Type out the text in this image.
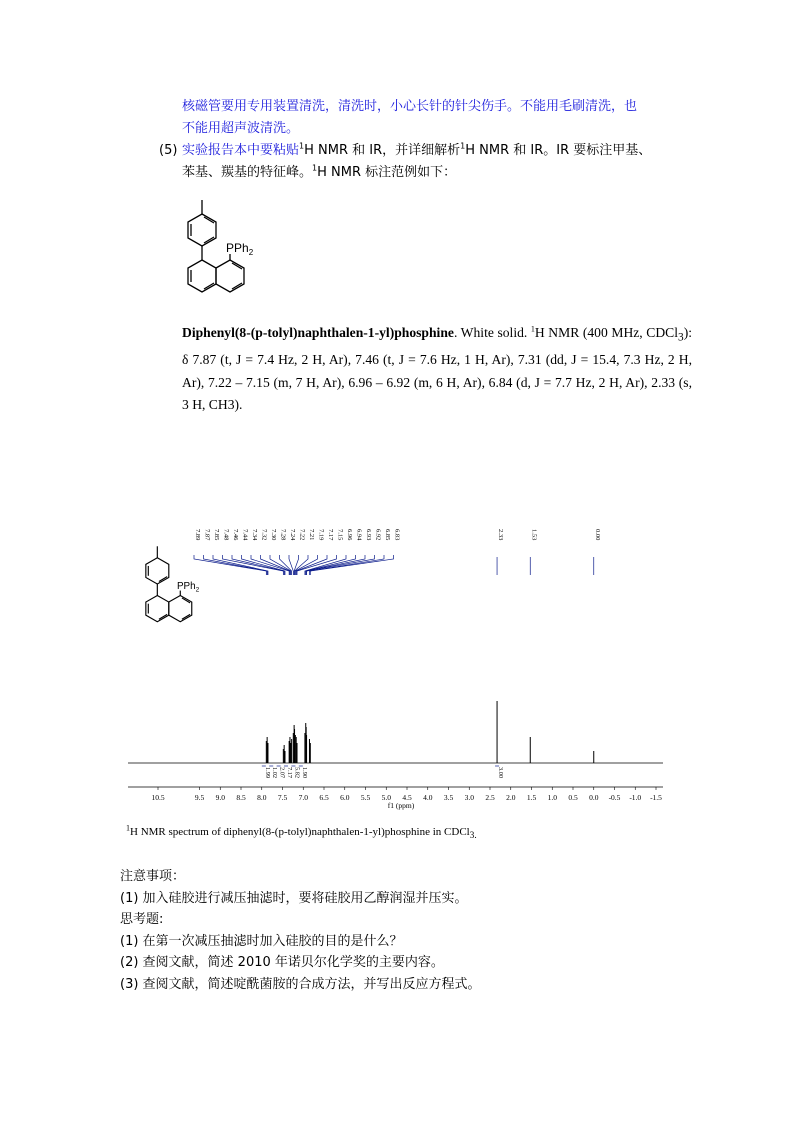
核磁管要用专用装置清洗，清洗时，小心长针的针尖伤手。不能用毛刷清洗，也
不能用超声波清洗。
(5) 实验报告本中要粘贴$^1$H NMR 和 IR，并详细解析$^1$H NMR 和 IR。IR 要标注甲基、
苯基、羰基的特征峰。$^1$H NMR 标注范例如下：
PPh$_2$
Diphenyl(8-(p-tolyl)naphthalen-1-yl)phosphine. White solid. $^1$H NMR (400 MHz, CDCl$_3$): δ 7.87 (t, J = 7.4 Hz, 2 H, Ar), 7.46 (t, J = 7.6 Hz, 1 H, Ar), 7.31 (dd, J = 15.4, 7.3 Hz, 2 H, Ar), 7.22 – 7.15 (m, 7 H, Ar), 6.96 – 6.92 (m, 6 H, Ar), 6.84 (d, J = 7.7 Hz, 2 H, Ar), 2.33 (s, 3 H, CH3).
PPh$_2$
7.89 7.87 7.85 7.48 7.46 7.44 7.34 7.32 7.30 7.28 7.24 7.22 7.21 7.19 7.17 7.15 6.96 6.94 6.93 6.92 6.85 6.83	2.33	1.53	0.00
1.99 1.02 2.07 7.17 5.82 1.90	3.00
10.5	9.5 9.0 8.5 8.0 7.5 7.0 6.5 6.0 5.5 5.0 4.5 4.0 3.5 3.0 2.5 2.0 1.5 1.0 0.5 0.0 -0.5 -1.0 -1.5
f1 (ppm)
$^1$H NMR spectrum of diphenyl(8-(p-tolyl)naphthalen-1-yl)phosphine in CDCl$_{3.}$
注意事项：
(1) 加入硅胶进行减压抽滤时，要将硅胶用乙醇润湿并压实。
思考题:
(1) 在第一次减压抽滤时加入硅胶的目的是什么？
(2) 查阅文献，简述 2010 年诺贝尔化学奖的主要内容。
(3) 查阅文献，简述啶酰菌胺的合成方法，并写出反应方程式。
